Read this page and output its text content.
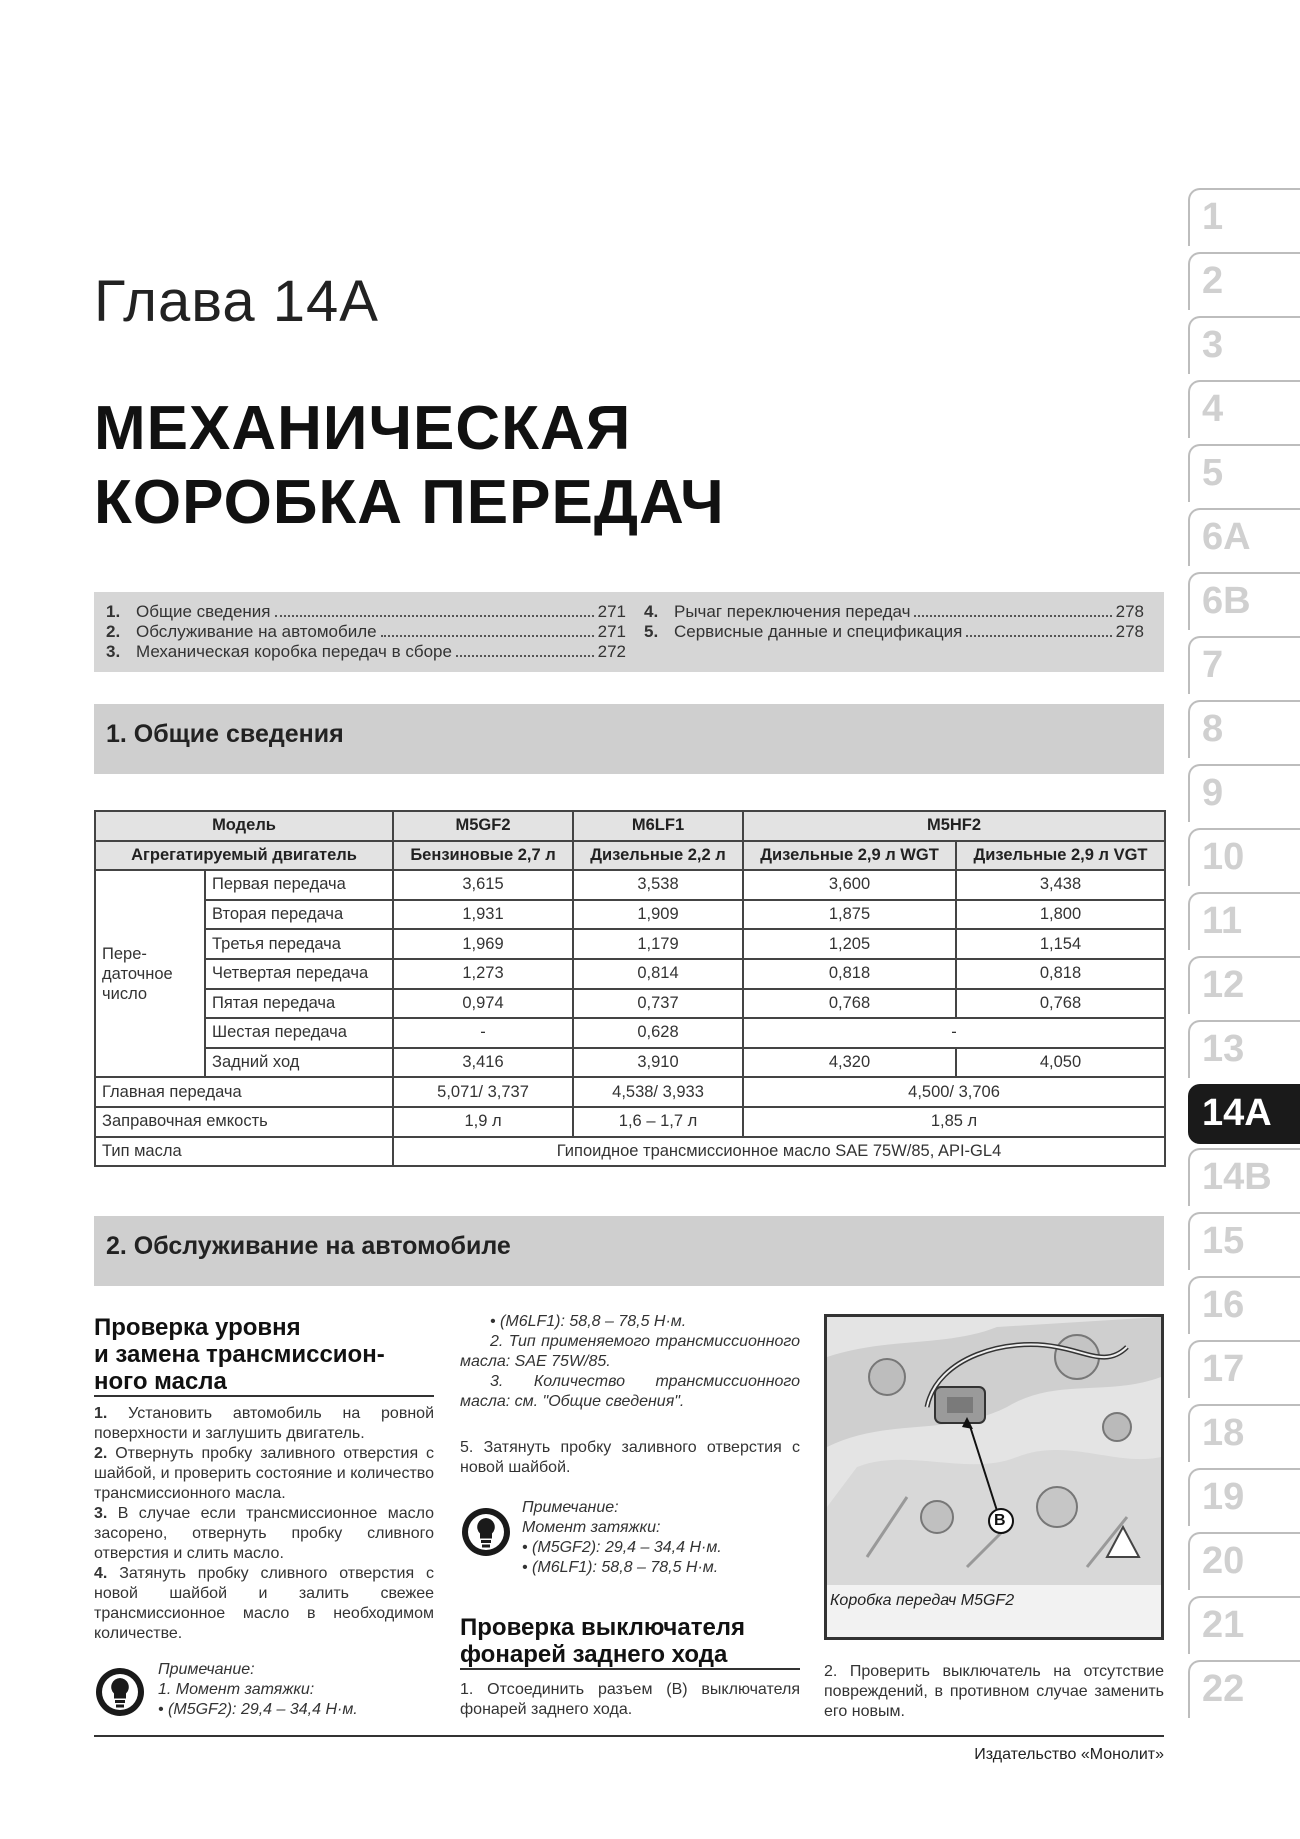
Глава 14А
МЕХАНИЧЕСКАЯ
КОРОБКА ПЕРЕДАЧ
1. Общие сведения	271
2. Обслуживание на автомобиле	271
3. Механическая коробка передач в сборе	272
4. Рычаг переключения передач	278
5. Сервисные данные и спецификация	278
1. Общие сведения
Модель		M5GF2	M6LF1	M5HF2	
Агрегатируемый двигатель		Бензиновые 2,7 л	Дизельные 2,2 л	Дизельные 2,9 л WGT	Дизельные 2,9 л VGT

Пере-
даточное
число	Первая передача	3,615	3,538	3,600	3,438
	Вторая передача	1,931	1,909	1,875	1,800
	Третья передача	1,969	1,179	1,205	1,154
	Четвертая передача	1,273	0,814	0,818	0,818
	Пятая передача	0,974	0,737	0,768	0,768
	Шестая передача	-	0,628	-	
	Задний ход	3,416	3,910	4,320	4,050
Главная передача		5,071/ 3,737	4,538/ 3,933	4,500/ 3,706	
Заправочная емкость		1,9 л	1,6 – 1,7 л	1,85 л	
Тип масла		Гипоидное трансмиссионное масло SAE 75W/85, API-GL4			
2. Обслуживание на автомобиле
Проверка уровня
и замена трансмиссион-
ного масла

1. Установить автомобиль на ровной поверхности и заглушить двигатель.

2. Отвернуть пробку заливного отверстия с шайбой, и проверить состояние и количество трансмиссионного масла.

3. В случае если трансмиссионное масло засорено, отвернуть пробку сливного отверстия и слить масло.

4. Затянуть пробку сливного отверстия с новой шайбой и залить свежее трансмиссионное масло в необходимом количестве.

Примечание:

1. Момент затяжки:

• (M5GF2): 29,4 – 34,4 Н·м.

• (M6LF1): 58,8 – 78,5 Н·м.

2. Тип применяемого трансмиссионного масла: SAE 75W/85.

3. Количество трансмиссионного масла: см. "Общие сведения".

5. Затянуть пробку заливного отверстия с новой шайбой.

Примечание:

Момент затяжки:

• (M5GF2): 29,4 – 34,4 Н·м.

• (M6LF1): 58,8 – 78,5 Н·м.

Проверка выключателя
фонарей заднего хода

1. Отсоединить разъем (B) выключателя фонарей заднего хода.

B
Коробка передач M5GF2

2. Проверить выключатель на отсутствие повреждений, в противном случае заменить его новым.

1
2
3
4
5
6A
6B
7
8
9
10
11
12
13
14A
14B
15
16
17
18
19
20
21
22
Издательство «Монолит»
